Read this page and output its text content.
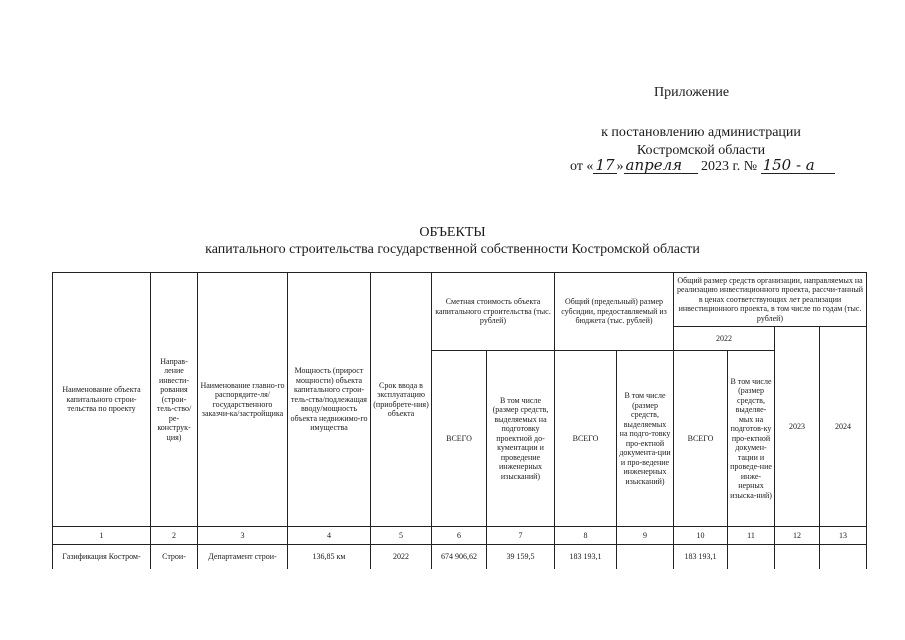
Приложение
к постановлению администрации
Костромской области
от « 17 » апреля 2023 г. № 150 - а
ОБЪЕКТЫ
капитального строительства государственной собственности Костромской области
Наименование объекта капитального строи-тельства по проекту	Направ-ление инвести-рования (строи-тель-ство/ре-конструк-ция)	Наименование главно-го распорядите-ля/государственного заказчи-ка/застройщика	Мощность (прирост мощности) объекта капитального строи-тель-ства/подлежащая вводу/мощность объекта недвижимо-го имущества	Срок ввода в эксплуатацию (приобрете-ния) объекта	Сметная стоимость объекта капитального строительства (тыс. рублей)		Общий (предельный) размер субсидии, предоставляемый из бюджета (тыс. рублей)		Общий размер средств организации, направляемых на реализацию инвестиционного проекта, рассчи-танный в ценах соответствующих лет реализации инвестиционного проекта, в том числе по годам (тыс. рублей)			
									2022		2023	2024
					ВСЕГО	В том числе (размер средств, выделяемых на подготовку проектной до-кументации и проведение инженерных изысканий)	ВСЕГО	В том числе (размер средств, выделяемых на подго-товку про-ектной документа-ции и про-ведение инженерных изысканий)	ВСЕГО	В том числе (размер средств, выделяе-мых на подготов-ку про-ектной докумен-тации и проведе-ние инже-нерных изыска-ний)		
1	2	3	4	5	6	7	8	9	10	11	12	13
Газификация Костром-	Строи-	Департамент строи-	136,85 км	2022	674 906,62	39 159,5	183 193,1		183 193,1			
